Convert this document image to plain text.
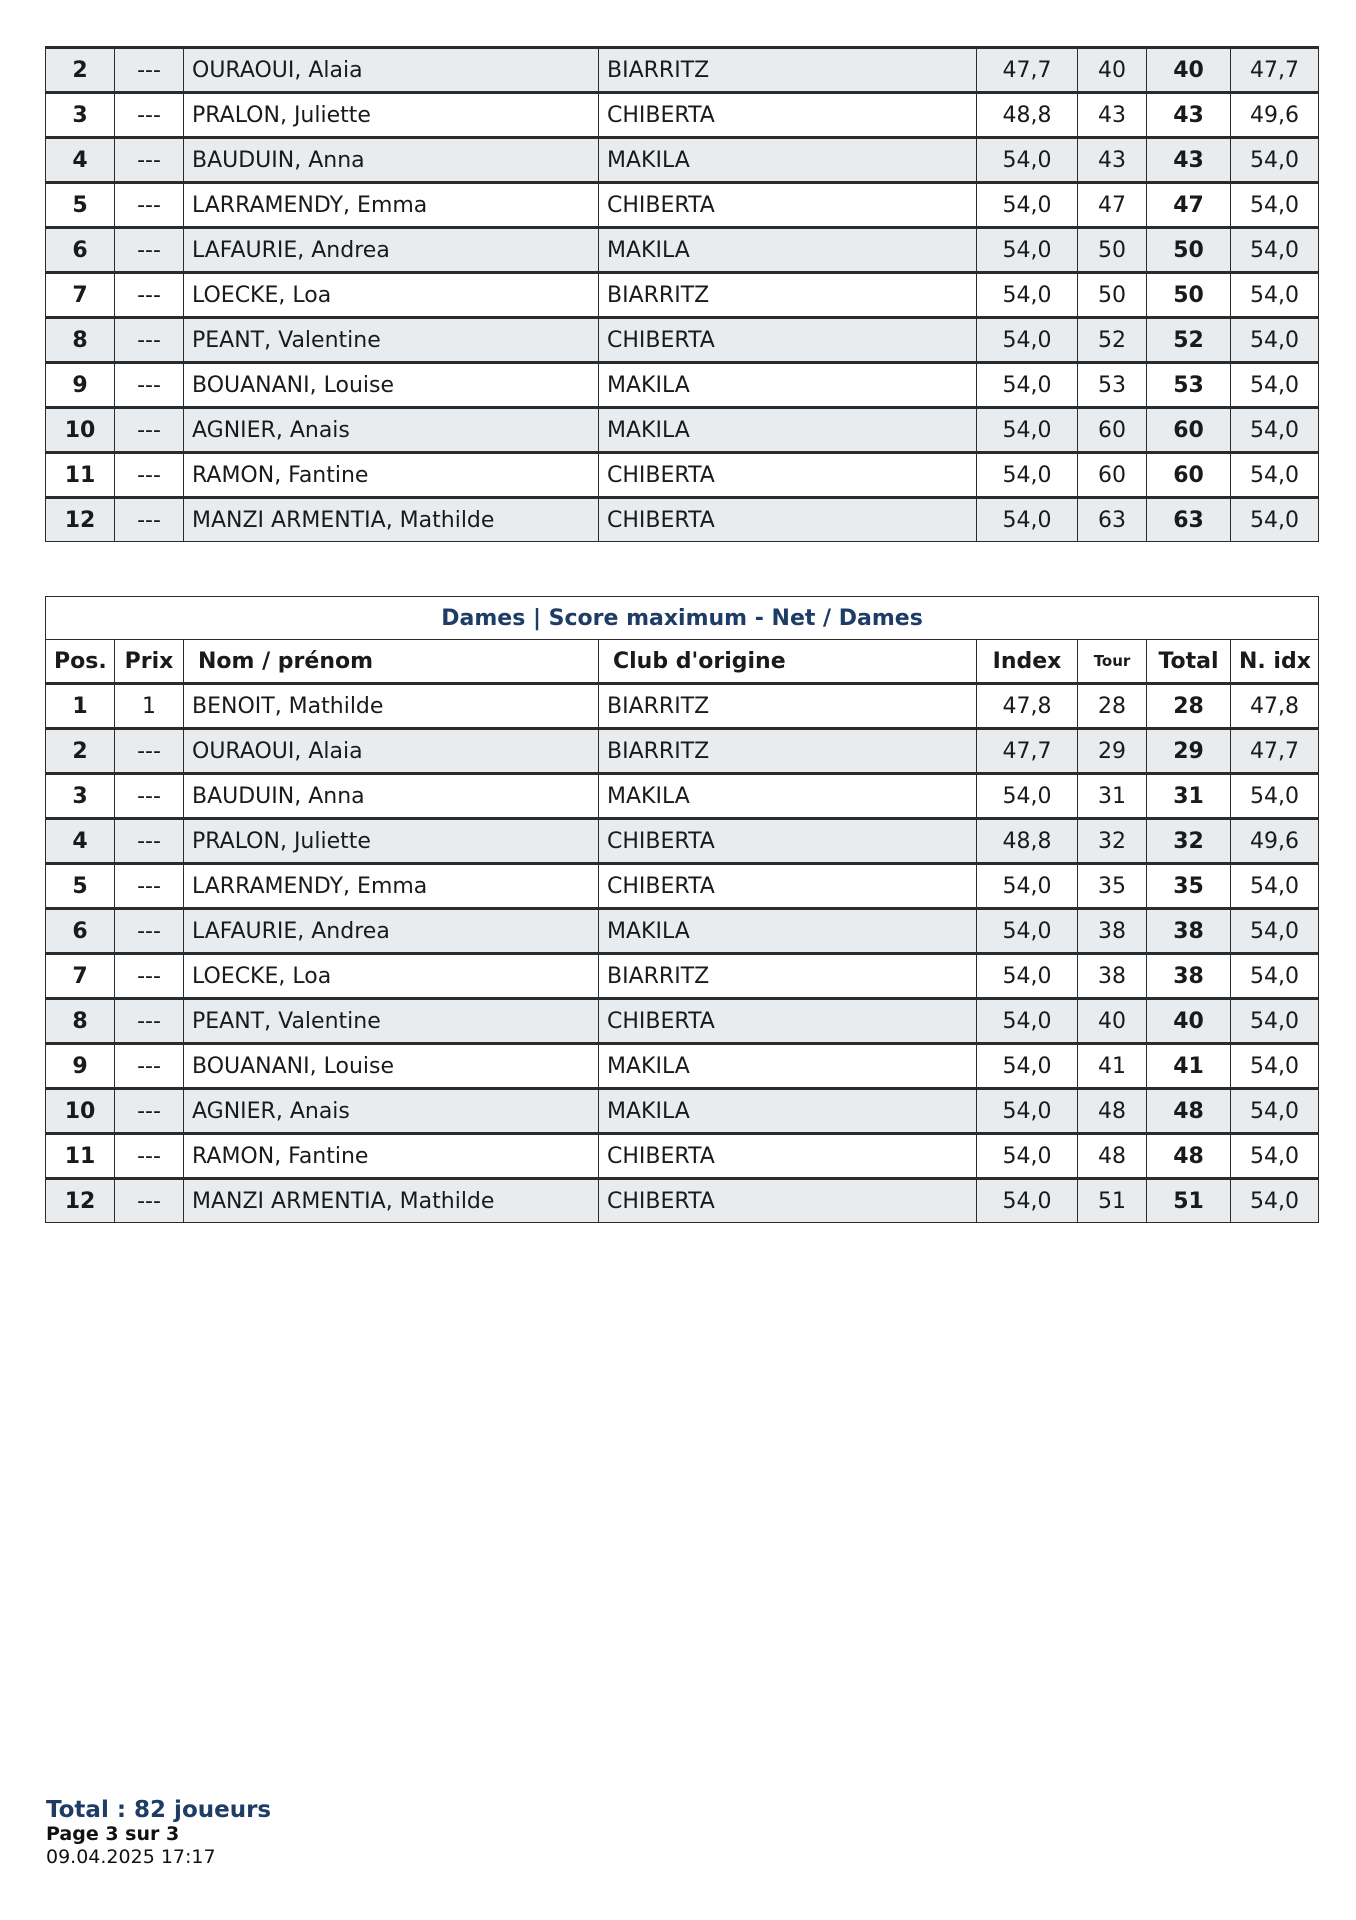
2	---	OURAOUI, Alaia	BIARRITZ	47,7	40	40	47,7
3	---	PRALON, Juliette	CHIBERTA	48,8	43	43	49,6
4	---	BAUDUIN, Anna	MAKILA	54,0	43	43	54,0
5	---	LARRAMENDY, Emma	CHIBERTA	54,0	47	47	54,0
6	---	LAFAURIE, Andrea	MAKILA	54,0	50	50	54,0
7	---	LOECKE, Loa	BIARRITZ	54,0	50	50	54,0
8	---	PEANT, Valentine	CHIBERTA	54,0	52	52	54,0
9	---	BOUANANI, Louise	MAKILA	54,0	53	53	54,0
10	---	AGNIER, Anais	MAKILA	54,0	60	60	54,0
11	---	RAMON, Fantine	CHIBERTA	54,0	60	60	54,0
12	---	MANZI ARMENTIA, Mathilde	CHIBERTA	54,0	63	63	54,0
Dames | Score maximum - Net / Dames							
Pos.	Prix	Nom / prénom	Club d'origine	Index	Tour	Total	N. idx
1	1	BENOIT, Mathilde	BIARRITZ	47,8	28	28	47,8
2	---	OURAOUI, Alaia	BIARRITZ	47,7	29	29	47,7
3	---	BAUDUIN, Anna	MAKILA	54,0	31	31	54,0
4	---	PRALON, Juliette	CHIBERTA	48,8	32	32	49,6
5	---	LARRAMENDY, Emma	CHIBERTA	54,0	35	35	54,0
6	---	LAFAURIE, Andrea	MAKILA	54,0	38	38	54,0
7	---	LOECKE, Loa	BIARRITZ	54,0	38	38	54,0
8	---	PEANT, Valentine	CHIBERTA	54,0	40	40	54,0
9	---	BOUANANI, Louise	MAKILA	54,0	41	41	54,0
10	---	AGNIER, Anais	MAKILA	54,0	48	48	54,0
11	---	RAMON, Fantine	CHIBERTA	54,0	48	48	54,0
12	---	MANZI ARMENTIA, Mathilde	CHIBERTA	54,0	51	51	54,0
Total : 82 joueurs
Page 3 sur 3
09.04.2025 17:17
